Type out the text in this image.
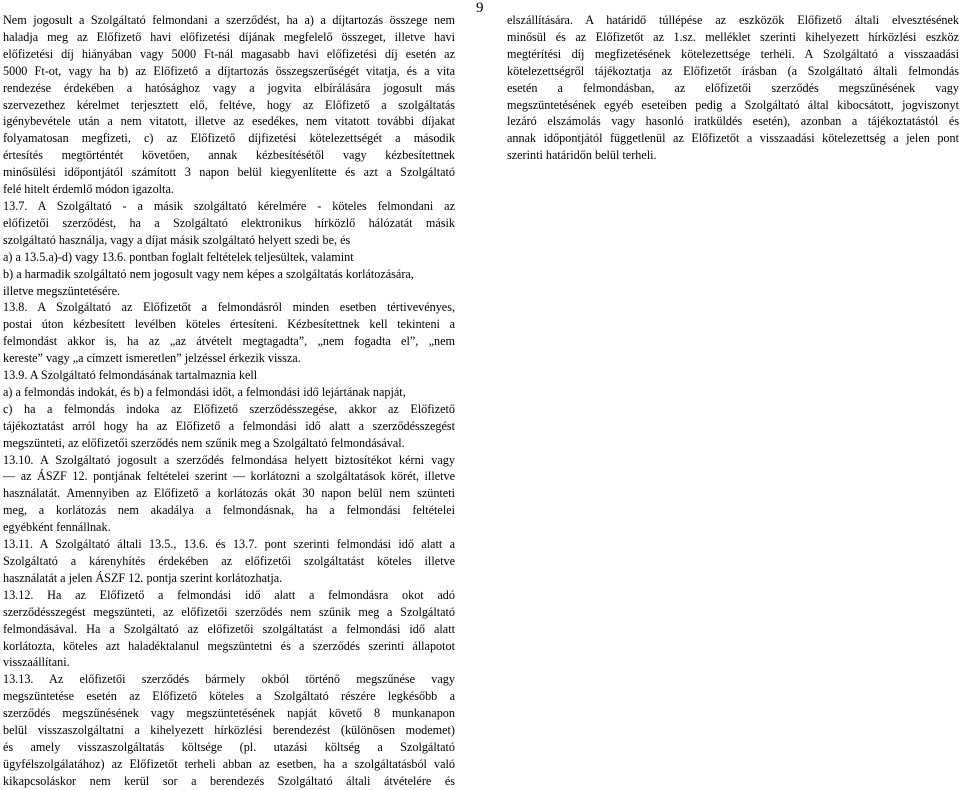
9
Nem jogosult a Szolgáltató felmondani a szerződést, ha a) a díjtartozás összege nem
haladja meg az Előfizető havi előfizetési díjának megfelelő összeget, illetve havi
előfizetési díj hiányában vagy 5000 Ft-nál magasabb havi előfizetési díj esetén az
5000 Ft-ot, vagy ha b) az Előfizető a díjtartozás összegszerűségét vitatja, és a vita
rendezése érdekében a hatósághoz vagy a jogvita elbírálására jogosult más
szervezethez kérelmet terjesztett elő, feltéve, hogy az Előfizető a szolgáltatás
igénybevétele után a nem vitatott, illetve az esedékes, nem vitatott további díjakat
folyamatosan megfizeti, c) az Előfizető díjfizetési kötelezettségét a második
értesítés megtörténtét követően, annak kézbesítésétől vagy kézbesítettnek
minősülési időpontjától számított 3 napon belül kiegyenlítette és azt a Szolgáltató
felé hitelt érdemlő módon igazolta.
13.7. A Szolgáltató - a másik szolgáltató kérelmére - köteles felmondani az
előfizetői szerződést, ha a Szolgáltató elektronikus hírközlő hálózatát másik
szolgáltató használja, vagy a díjat másik szolgáltató helyett szedi be, és
a) a 13.5.a)-d) vagy 13.6. pontban foglalt feltételek teljesültek, valamint
b) a harmadik szolgáltató nem jogosult vagy nem képes a szolgáltatás korlátozására,
illetve megszüntetésére.
13.8. A Szolgáltató az Előfizetőt a felmondásról minden esetben tértivevényes,
postai úton kézbesített levélben köteles értesíteni. Kézbesítettnek kell tekinteni a
felmondást akkor is, ha az „az átvételt megtagadta”, „nem fogadta el”, „nem
kereste” vagy „a címzett ismeretlen” jelzéssel érkezik vissza.
13.9. A Szolgáltató felmondásának tartalmaznia kell
a) a felmondás indokát, és b) a felmondási időt, a felmondási idő lejártának napját,
c) ha a felmondás indoka az Előfizető szerződésszegése, akkor az Előfizető
tájékoztatást arról hogy ha az Előfizető a felmondási idő alatt a szerződésszegést
megszünteti, az előfizetői szerződés nem szűnik meg a Szolgáltató felmondásával.
13.10. A Szolgáltató jogosult a szerződés felmondása helyett biztosítékot kérni vagy
— az ÁSZF 12. pontjának feltételei szerint — korlátozni a szolgáltatások körét, illetve
használatát. Amennyiben az Előfizető a korlátozás okát 30 napon belül nem szünteti
meg, a korlátozás nem akadálya a felmondásnak, ha a felmondási feltételei
egyébként fennállnak.
13.11. A Szolgáltató általi 13.5., 13.6. és 13.7. pont szerinti felmondási idő alatt a
Szolgáltató a kárenyhítés érdekében az előfizetői szolgáltatást köteles illetve
használatát a jelen ÁSZF 12. pontja szerint korlátozhatja.
13.12. Ha az Előfizető a felmondási idő alatt a felmondásra okot adó
szerződésszegést megszünteti, az előfizetői szerződés nem szűnik meg a Szolgáltató
felmondásával. Ha a Szolgáltató az előfizetői szolgáltatást a felmondási idő alatt
korlátozta, köteles azt haladéktalanul megszüntetni és a szerződés szerinti állapotot
visszaállítani.
13.13. Az előfizetői szerződés bármely okból történő megszűnése vagy
megszüntetése esetén az Előfizető köteles a Szolgáltató részére legkésőbb a
szerződés megszűnésének vagy megszüntetésének napját követő 8 munkanapon
belül visszaszolgáltatni a kihelyezett hírközlési berendezést (különösen modemet)
és amely visszaszolgáltatás költsége (pl. utazási költség a Szolgáltató
ügyfélszolgálatához) az Előfizetőt terheli abban az esetben, ha a szolgáltatásból való
kikapcsoláskor nem kerül sor a berendezés Szolgáltató általi átvételére és
elszállítására. A határidő túllépése az eszközök Előfizető általi elvesztésének
minősül és az Előfizetőt az 1.sz. melléklet szerinti kihelyezett hírközlési eszköz
megtérítési díj megfizetésének kötelezettsége terheli. A Szolgáltató a visszaadási
kötelezettségről tájékoztatja az Előfizetőt írásban (a Szolgáltató általi felmondás
esetén a felmondásban, az előfizetői szerződés megszűnésének vagy
megszüntetésének egyéb eseteiben pedig a Szolgáltató által kibocsátott, jogviszonyt
lezáró elszámolás vagy hasonló iratküldés esetén), azonban a tájékoztatástól és
annak időpontjától függetlenül az Előfizetőt a visszaadási kötelezettség a jelen pont
szerinti határidőn belül terheli.
